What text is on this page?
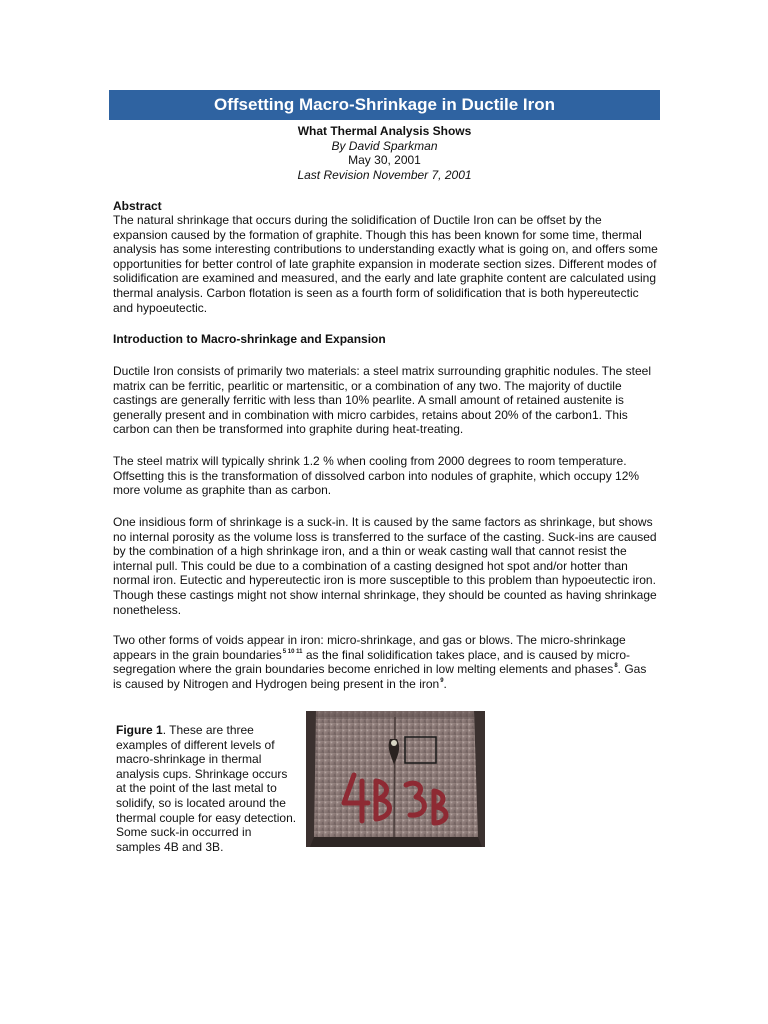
Offsetting Macro-Shrinkage in Ductile Iron
What Thermal Analysis Shows
By David Sparkman
May 30, 2001
Last Revision November 7, 2001
Abstract
The natural shrinkage that occurs during the solidification of Ductile Iron can be offset by the expansion caused by the formation of graphite. Though this has been known for some time, thermal analysis has some interesting contributions to understanding exactly what is going on, and offers some opportunities for better control of late graphite expansion in moderate section sizes. Different modes of solidification are examined and measured, and the early and late graphite content are calculated using thermal analysis. Carbon flotation is seen as a fourth form of solidification that is both hypereutectic and hypoeutectic.
Introduction to Macro-shrinkage and Expansion
Ductile Iron consists of primarily two materials: a steel matrix surrounding graphitic nodules. The steel matrix can be ferritic, pearlitic or martensitic, or a combination of any two. The majority of ductile castings are generally ferritic with less than 10% pearlite. A small amount of retained austenite is generally present and in combination with micro carbides, retains about 20% of the carbon1. This carbon can then be transformed into graphite during heat-treating.
The steel matrix will typically shrink 1.2 % when cooling from 2000 degrees to room temperature. Offsetting this is the transformation of dissolved carbon into nodules of graphite, which occupy 12% more volume as graphite than as carbon.
One insidious form of shrinkage is a suck-in. It is caused by the same factors as shrinkage, but shows no internal porosity as the volume loss is transferred to the surface of the casting. Suck-ins are caused by the combination of a high shrinkage iron, and a thin or weak casting wall that cannot resist the internal pull. This could be due to a combination of a casting designed hot spot and/or hotter than normal iron. Eutectic and hypereutectic iron is more susceptible to this problem than hypoeutectic iron. Though these castings might not show internal shrinkage, they should be counted as having shrinkage nonetheless.
Two other forms of voids appear in iron: micro-shrinkage, and gas or blows. The micro-shrinkage appears in the grain boundaries$^{5 10 11}$ as the final solidification takes place, and is caused by micro-segregation where the grain boundaries become enriched in low melting elements and phases$^8$. Gas is caused by Nitrogen and Hydrogen being present in the iron$^9$.
Figure 1. These are three examples of different levels of macro-shrinkage in thermal analysis cups. Shrinkage occurs at the point of the last metal to solidify, so is located around the thermal couple for easy detection. Some suck-in occurred in samples 4B and 3B.
